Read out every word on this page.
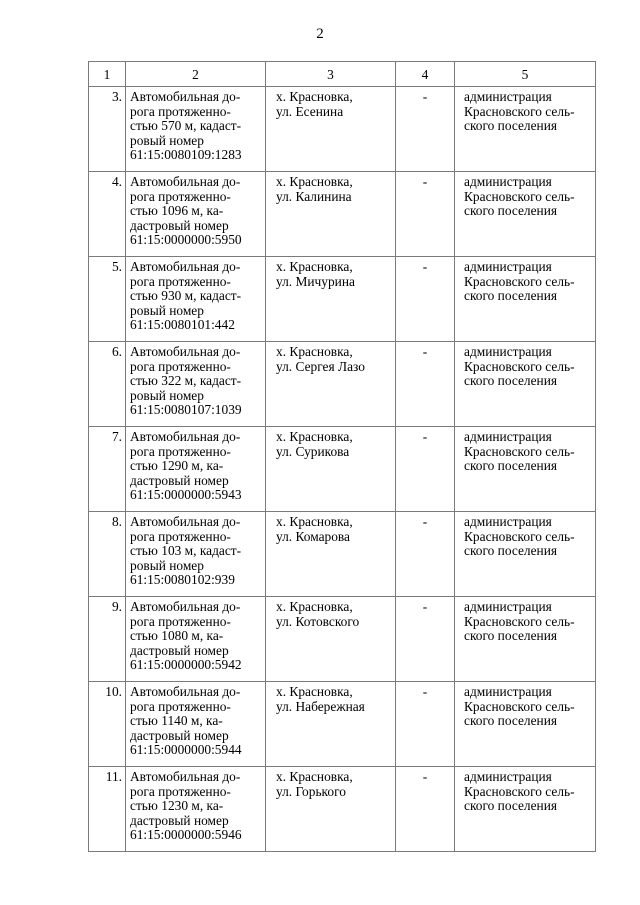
2
1	2	3	4	5
3.	Автомобильная до-
рога протяженно-
стью 570 м, кадаст-
ровый номер
61:15:0080109:1283	х. Красновка,
ул. Есенина	-	администрация
Красновского сель-
ского поселения

4.	Автомобильная до-
рога протяженно-
стью 1096 м, ка-
дастровый номер
61:15:0000000:5950	х. Красновка,
ул. Калинина	-	администрация
Красновского сель-
ского поселения

5.	Автомобильная до-
рога протяженно-
стью 930 м, кадаст-
ровый номер
61:15:0080101:442	х. Красновка,
ул. Мичурина	-	администрация
Красновского сель-
ского поселения

6.	Автомобильная до-
рога протяженно-
стью 322 м, кадаст-
ровый номер
61:15:0080107:1039	х. Красновка,
ул. Сергея Лазо	-	администрация
Красновского сель-
ского поселения

7.	Автомобильная до-
рога протяженно-
стью 1290 м, ка-
дастровый номер
61:15:0000000:5943	х. Красновка,
ул. Сурикова	-	администрация
Красновского сель-
ского поселения

8.	Автомобильная до-
рога протяженно-
стью 103 м, кадаст-
ровый номер
61:15:0080102:939	х. Красновка,
ул. Комарова	-	администрация
Красновского сель-
ского поселения

9.	Автомобильная до-
рога протяженно-
стью 1080 м, ка-
дастровый номер
61:15:0000000:5942	х. Красновка,
ул. Котовского	-	администрация
Красновского сель-
ского поселения

10.	Автомобильная до-
рога протяженно-
стью 1140 м, ка-
дастровый номер
61:15:0000000:5944	х. Красновка,
ул. Набережная	-	администрация
Красновского сель-
ского поселения

11.	Автомобильная до-
рога протяженно-
стью 1230 м, ка-
дастровый номер
61:15:0000000:5946	х. Красновка,
ул. Горького	-	администрация
Красновского сель-
ского поселения
